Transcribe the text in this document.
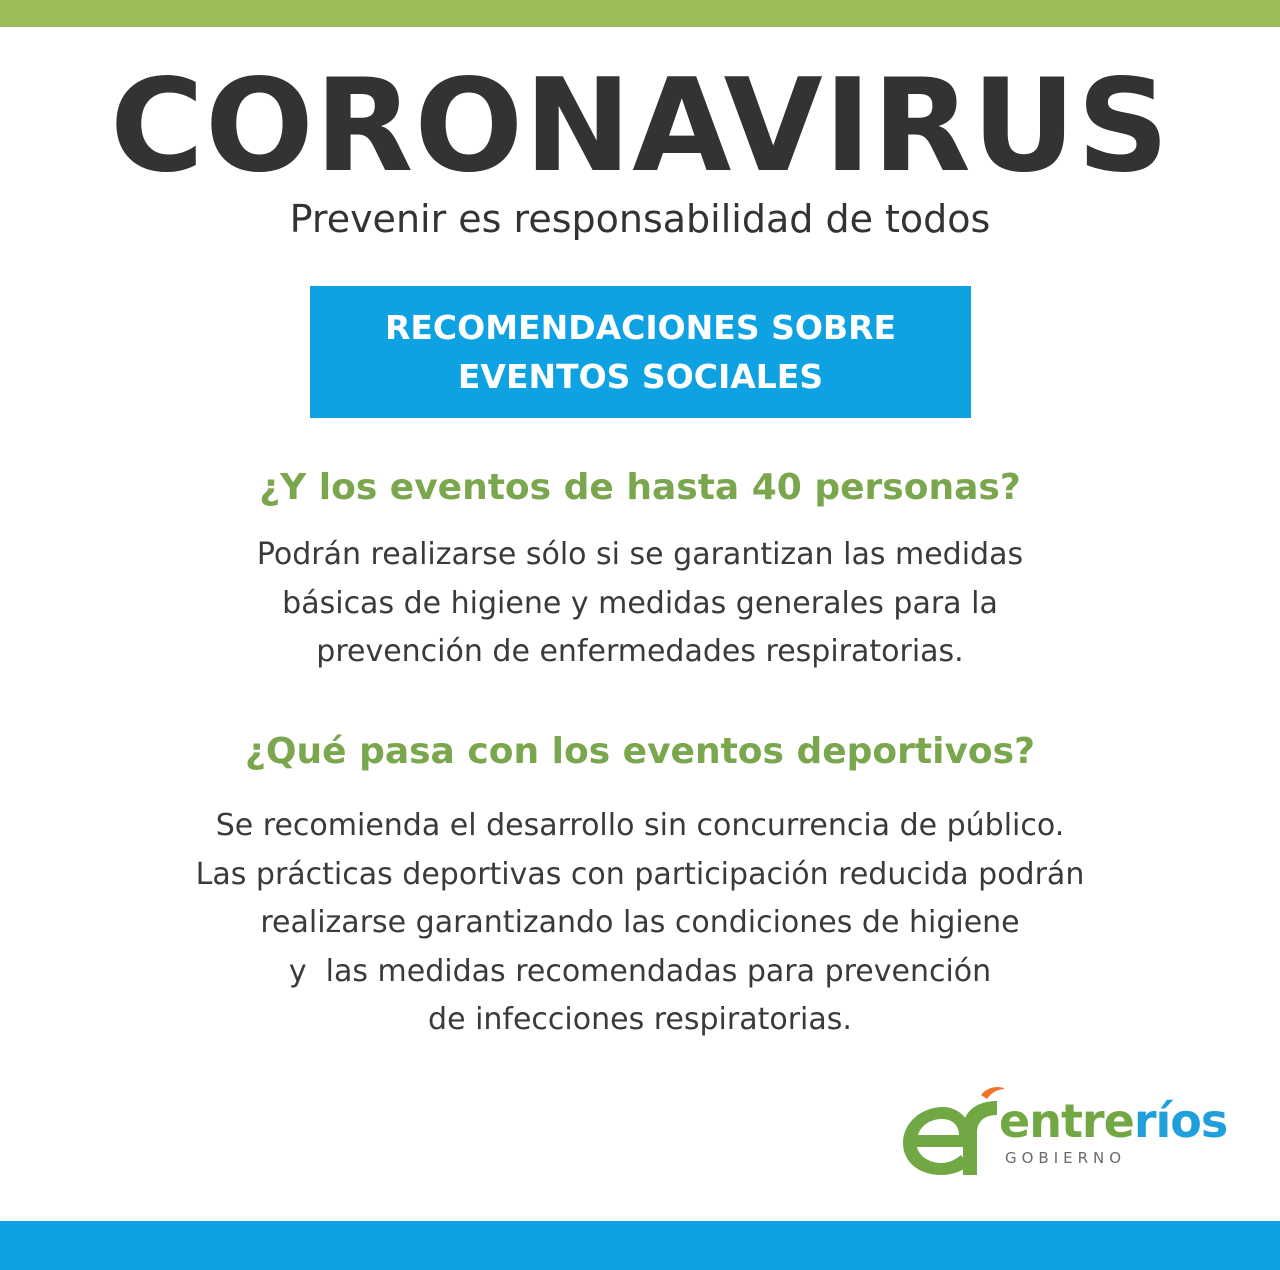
CORONAVIRUS

Prevenir es responsabilidad de todos

RECOMENDACIONES SOBRE
EVENTOS SOCIALES
¿Y los eventos de hasta 40 personas?

Podrán realizarse sólo si se garantizan las medidas
básicas de higiene y medidas generales para la
prevención de enfermedades respiratorias.

¿Qué pasa con los eventos deportivos?

Se recomienda el desarrollo sin concurrencia de público.
Las prácticas deportivas con participación reducida podrán
realizarse garantizando las condiciones de higiene
y  las medidas recomendadas para prevención
de infecciones respiratorias.

entreríos
GOBIERNO
